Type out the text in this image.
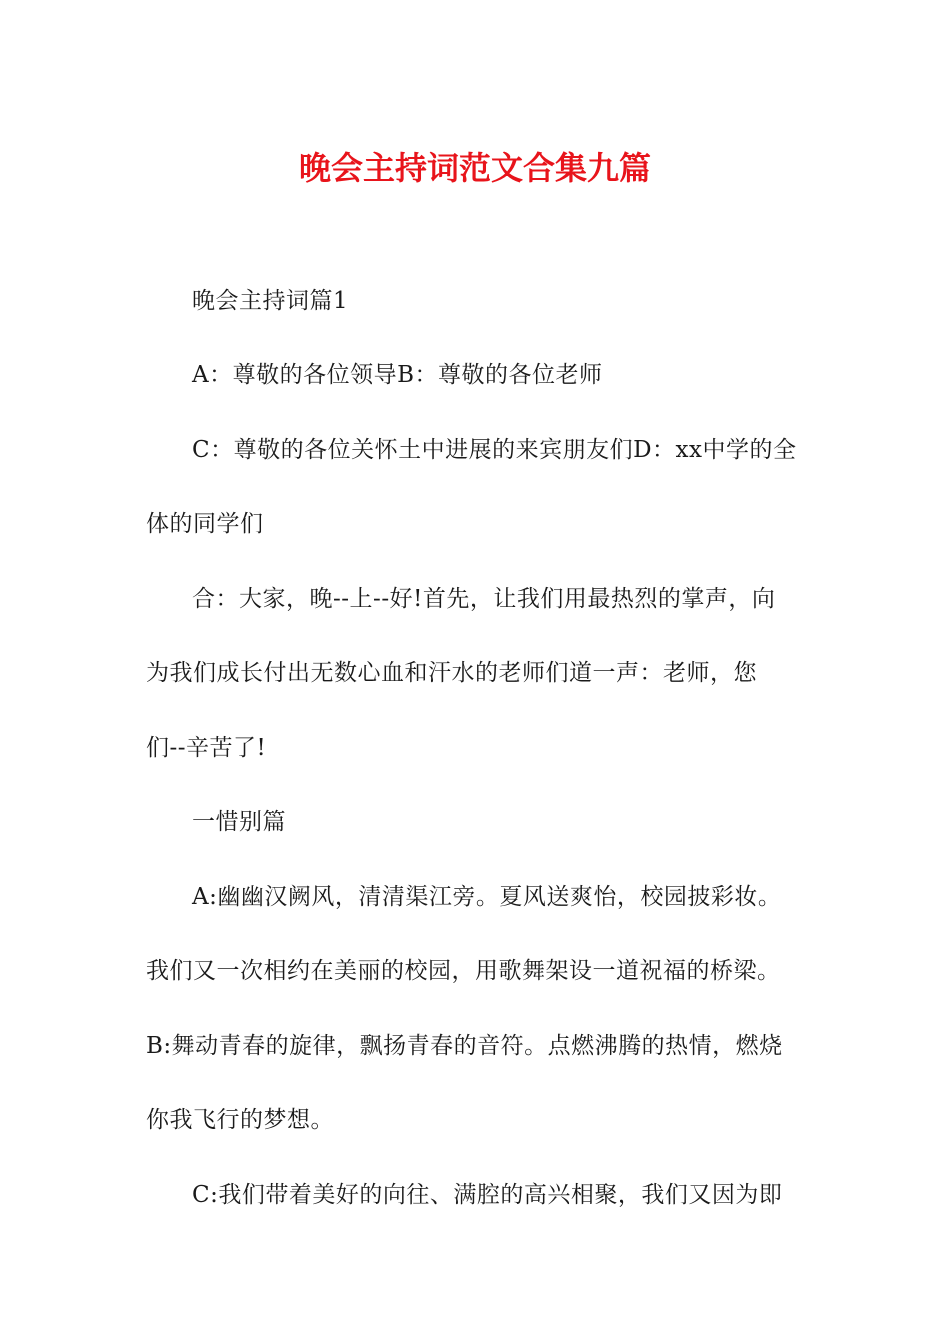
晚会主持词范文合集九篇
晚会主持词篇1
A：尊敬的各位领导B：尊敬的各位老师
C：尊敬的各位关怀土中进展的来宾朋友们D：xx中学的全
体的同学们
合：大家，晚--上--好!首先，让我们用最热烈的掌声，向
为我们成长付出无数心血和汗水的老师们道一声：老师，您
们--辛苦了!
一惜别篇
A:幽幽汉阙风，清清渠江旁。夏风送爽怡，校园披彩妆。
我们又一次相约在美丽的校园，用歌舞架设一道祝福的桥梁。
B:舞动青春的旋律，飘扬青春的音符。点燃沸腾的热情，燃烧
你我飞行的梦想。
C:我们带着美好的向往、满腔的高兴相聚，我们又因为即
